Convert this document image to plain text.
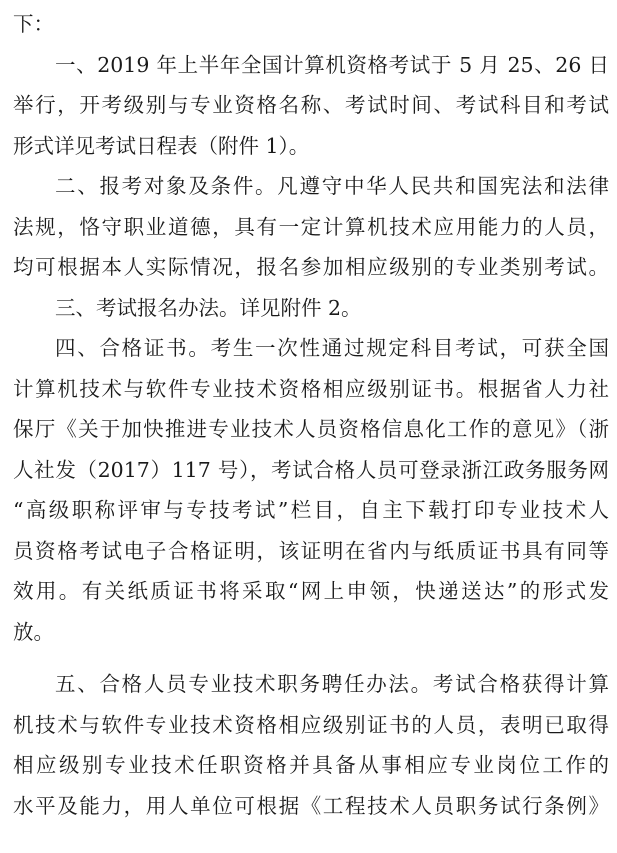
下：
一、2019 年上半年全国计算机资格考试于 5 月 25、26 日
举行，开考级别与专业资格名称、考试时间、考试科目和考试
形式详见考试日程表（附件 1）。
二、报考对象及条件。凡遵守中华人民共和国宪法和法律
法规，恪守职业道德，具有一定计算机技术应用能力的人员，
均可根据本人实际情况，报名参加相应级别的专业类别考试。
三、考试报名办法。详见附件 2。
四、合格证书。考生一次性通过规定科目考试，可获全国
计算机技术与软件专业技术资格相应级别证书。根据省人力社
保厅《关于加快推进专业技术人员资格信息化工作的意见》（浙
人社发（2017）117 号），考试合格人员可登录浙江政务服务网
“高级职称评审与专技考试”栏目，自主下载打印专业技术人
员资格考试电子合格证明，该证明在省内与纸质证书具有同等
效用。有关纸质证书将采取“网上申领，快递送达”的形式发
放。
五、合格人员专业技术职务聘任办法。考试合格获得计算
机技术与软件专业技术资格相应级别证书的人员，表明已取得
相应级别专业技术任职资格并具备从事相应专业岗位工作的
水平及能力，用人单位可根据《工程技术人员职务试行条例》
